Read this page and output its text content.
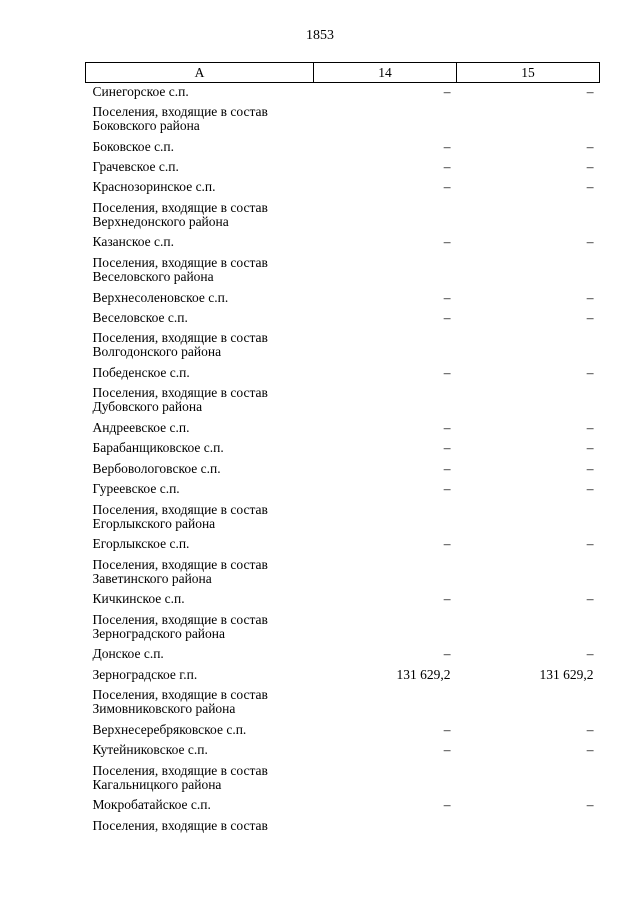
1853
А	14	15
Синегорское с.п.	–	–
Поселения, входящие в состав Боковского района		
Боковское с.п.	–	–
Грачевское с.п.	–	–
Краснозоринское с.п.	–	–
Поселения, входящие в состав Верхнедонского района		
Казанское с.п.	–	–
Поселения, входящие в состав Веселовского района		
Верхнесоленовское с.п.	–	–
Веселовское с.п.	–	–
Поселения, входящие в состав Волгодонского района		
Победенское с.п.	–	–
Поселения, входящие в состав Дубовского района		
Андреевское с.п.	–	–
Барабанщиковское с.п.	–	–
Вербовологовское с.п.	–	–
Гуреевское с.п.	–	–
Поселения, входящие в состав Егорлыкского района		
Егорлыкское с.п.	–	–
Поселения, входящие в состав Заветинского района		
Кичкинское с.п.	–	–
Поселения, входящие в состав Зерноградского района		
Донское с.п.	–	–
Зерноградское г.п.	131 629,2	131 629,2
Поселения, входящие в состав Зимовниковского района		
Верхнесеребряковское с.п.	–	–
Кутейниковское с.п.	–	–
Поселения, входящие в состав Кагальницкого района		
Мокробатайское с.п.	–	–
Поселения, входящие в состав		
